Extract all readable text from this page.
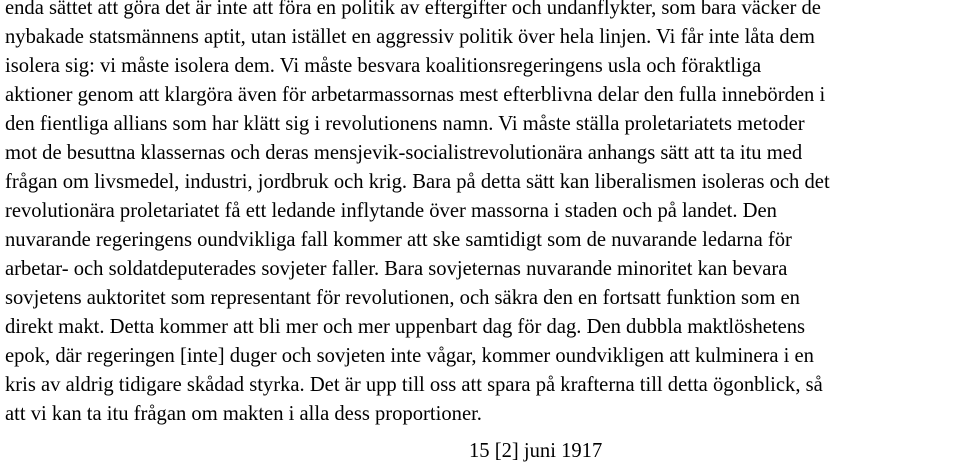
enda sättet att göra det är inte att föra en politik av eftergifter och undanflykter, som bara väcker de
nybakade statsmännens aptit, utan istället en aggressiv politik över hela linjen. Vi får inte låta dem
isolera sig: vi måste isolera dem. Vi måste besvara koalitionsregeringens usla och föraktliga
aktioner genom att klargöra även för arbetarmassornas mest efterblivna delar den fulla innebörden i
den fientliga allians som har klätt sig i revolutionens namn. Vi måste ställa proletariatets metoder
mot de besuttna klassernas och deras mensjevik-socialistrevolutionära anhangs sätt att ta itu med
frågan om livsmedel, industri, jordbruk och krig. Bara på detta sätt kan liberalismen isoleras och det
revolutionära proletariatet få ett ledande inflytande över massorna i staden och på landet. Den
nuvarande regeringens oundvikliga fall kommer att ske samtidigt som de nuvarande ledarna för
arbetar- och soldatdeputerades sovjeter faller. Bara sovjeternas nuvarande minoritet kan bevara
sovjetens auktoritet som representant för revolutionen, och säkra den en fortsatt funktion som en
direkt makt. Detta kommer att bli mer och mer uppenbart dag för dag. Den dubbla maktlöshetens
epok, där regeringen [inte] duger och sovjeten inte vågar, kommer oundvikligen att kulminera i en
kris av aldrig tidigare skådad styrka. Det är upp till oss att spara på krafterna till detta ögonblick, så
att vi kan ta itu frågan om makten i alla dess proportioner.
15 [2] juni 1917
